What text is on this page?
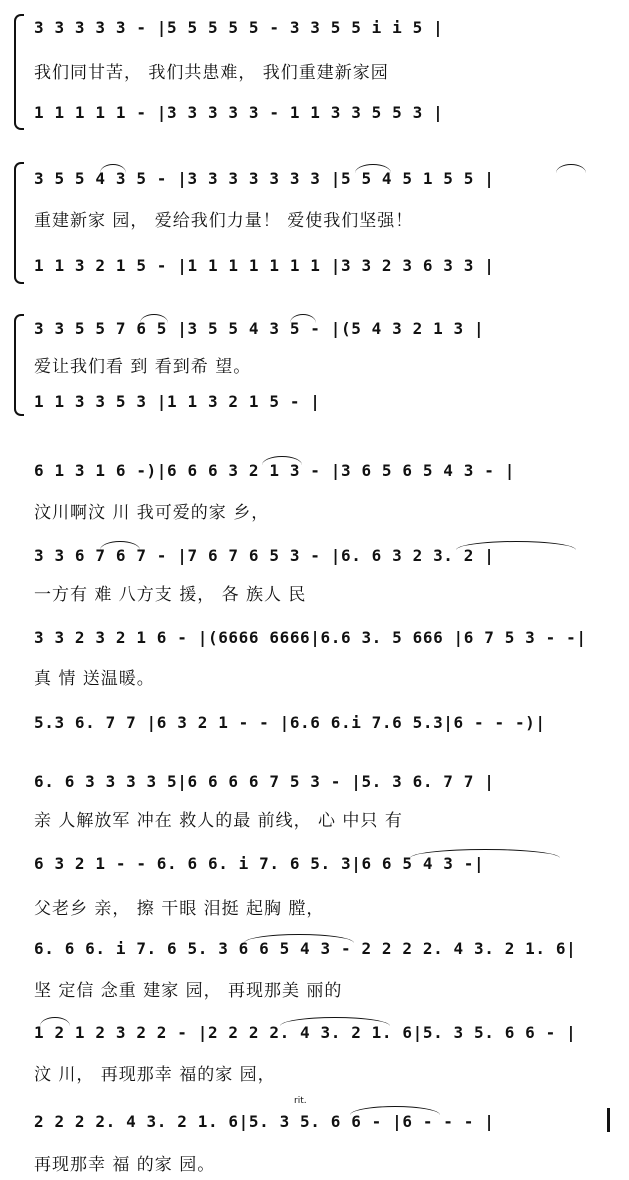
3 3 3 3 3 - |5 5 5 5 5 - 3 3 5 5 i i 5 |
我们同甘苦， 我们共患难， 我们重建新家园
1 1 1 1 1 - |3 3 3 3 3 - 1 1 3 3 5 5 3 |
3 5 5 4 3 5 - |3 3 3 3 3 3 3 |5 5 4 5 1 5 5 |
重建新家 园， 爱给我们力量！ 爱使我们坚强！
1 1 3 2 1 5 - |1 1 1 1 1 1 1 |3 3 2 3 6 3 3 |
3 3 5 5 7 6 5 |3 5 5 4 3 5 - |(5 4 3 2 1 3 |
爱让我们看 到 看到希 望。
1 1 3 3 5 3 |1 1 3 2 1 5 - |
6 1 3 1 6 -)|6 6 6 3 2 1 3 - |3 6 5 6 5 4 3 - |
汶川啊汶 川 我可爱的家 乡，
3 3 6 7 6 7 - |7 6 7 6 5 3 - |6. 6 3 2 3. 2 |
一方有 难 八方支 援， 各 族人 民
3 3 2 3 2 1 6 - |(6666 6666|6.6 3. 5 666 |6 7 5 3 - -|
真 情 送温暖。
5.3 6. 7 7 |6 3 2 1 - - |6.6 6.i 7.6 5.3|6 - - -)|
6. 6 3 3 3 3 5|6 6 6 6 7 5 3 - |5. 3 6. 7 7 |
亲 人解放军 冲在 救人的最 前线， 心 中只 有
6 3 2 1 - - 6. 6 6. i 7. 6 5. 3|6 6 5 4 3 -|
父老乡 亲， 擦 干眼 泪挺 起胸 膛，
6. 6 6. i 7. 6 5. 3 6 6 5 4 3 - 2 2 2 2. 4 3. 2 1. 6|
坚 定信 念重 建家 园， 再现那美 丽的
1 2 1 2 3 2 2 - |2 2 2 2. 4 3. 2 1. 6|5. 3 5. 6 6 - |
汶 川， 再现那幸 福的家 园，
2 2 2 2. 4 3. 2 1. 6|5. 3 5. 6 6 - |6 - - - |
再现那幸 福 的家 园。
rit.
